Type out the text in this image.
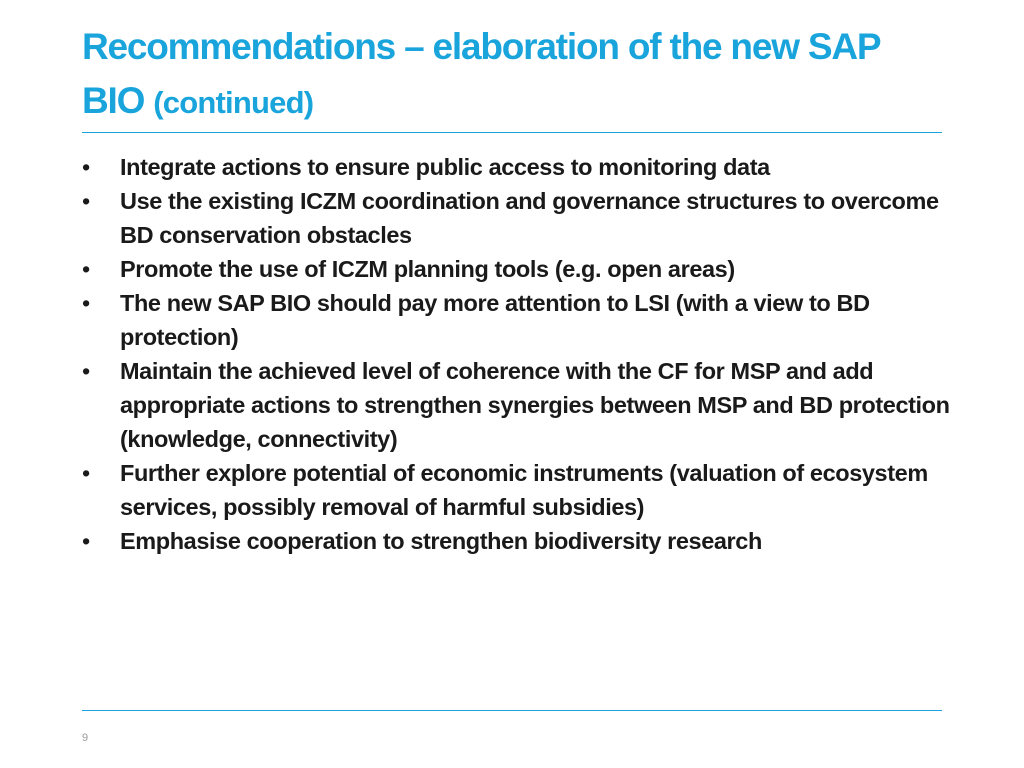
Recommendations – elaboration of the new SAP BIO (continued)
•	Integrate actions to ensure public access to monitoring data
•	Use the existing ICZM coordination and governance structures to overcome BD conservation obstacles
•	Promote the use of ICZM planning tools (e.g. open areas)
•	The new SAP BIO should pay more attention to LSI (with a view to BD protection)
•	Maintain the achieved level of coherence with the CF for MSP and add appropriate actions to strengthen synergies between MSP and BD protection (knowledge, connectivity)
•	Further explore potential of economic instruments (valuation of ecosystem services, possibly removal of harmful subsidies)
•	Emphasise cooperation to strengthen biodiversity research
9
